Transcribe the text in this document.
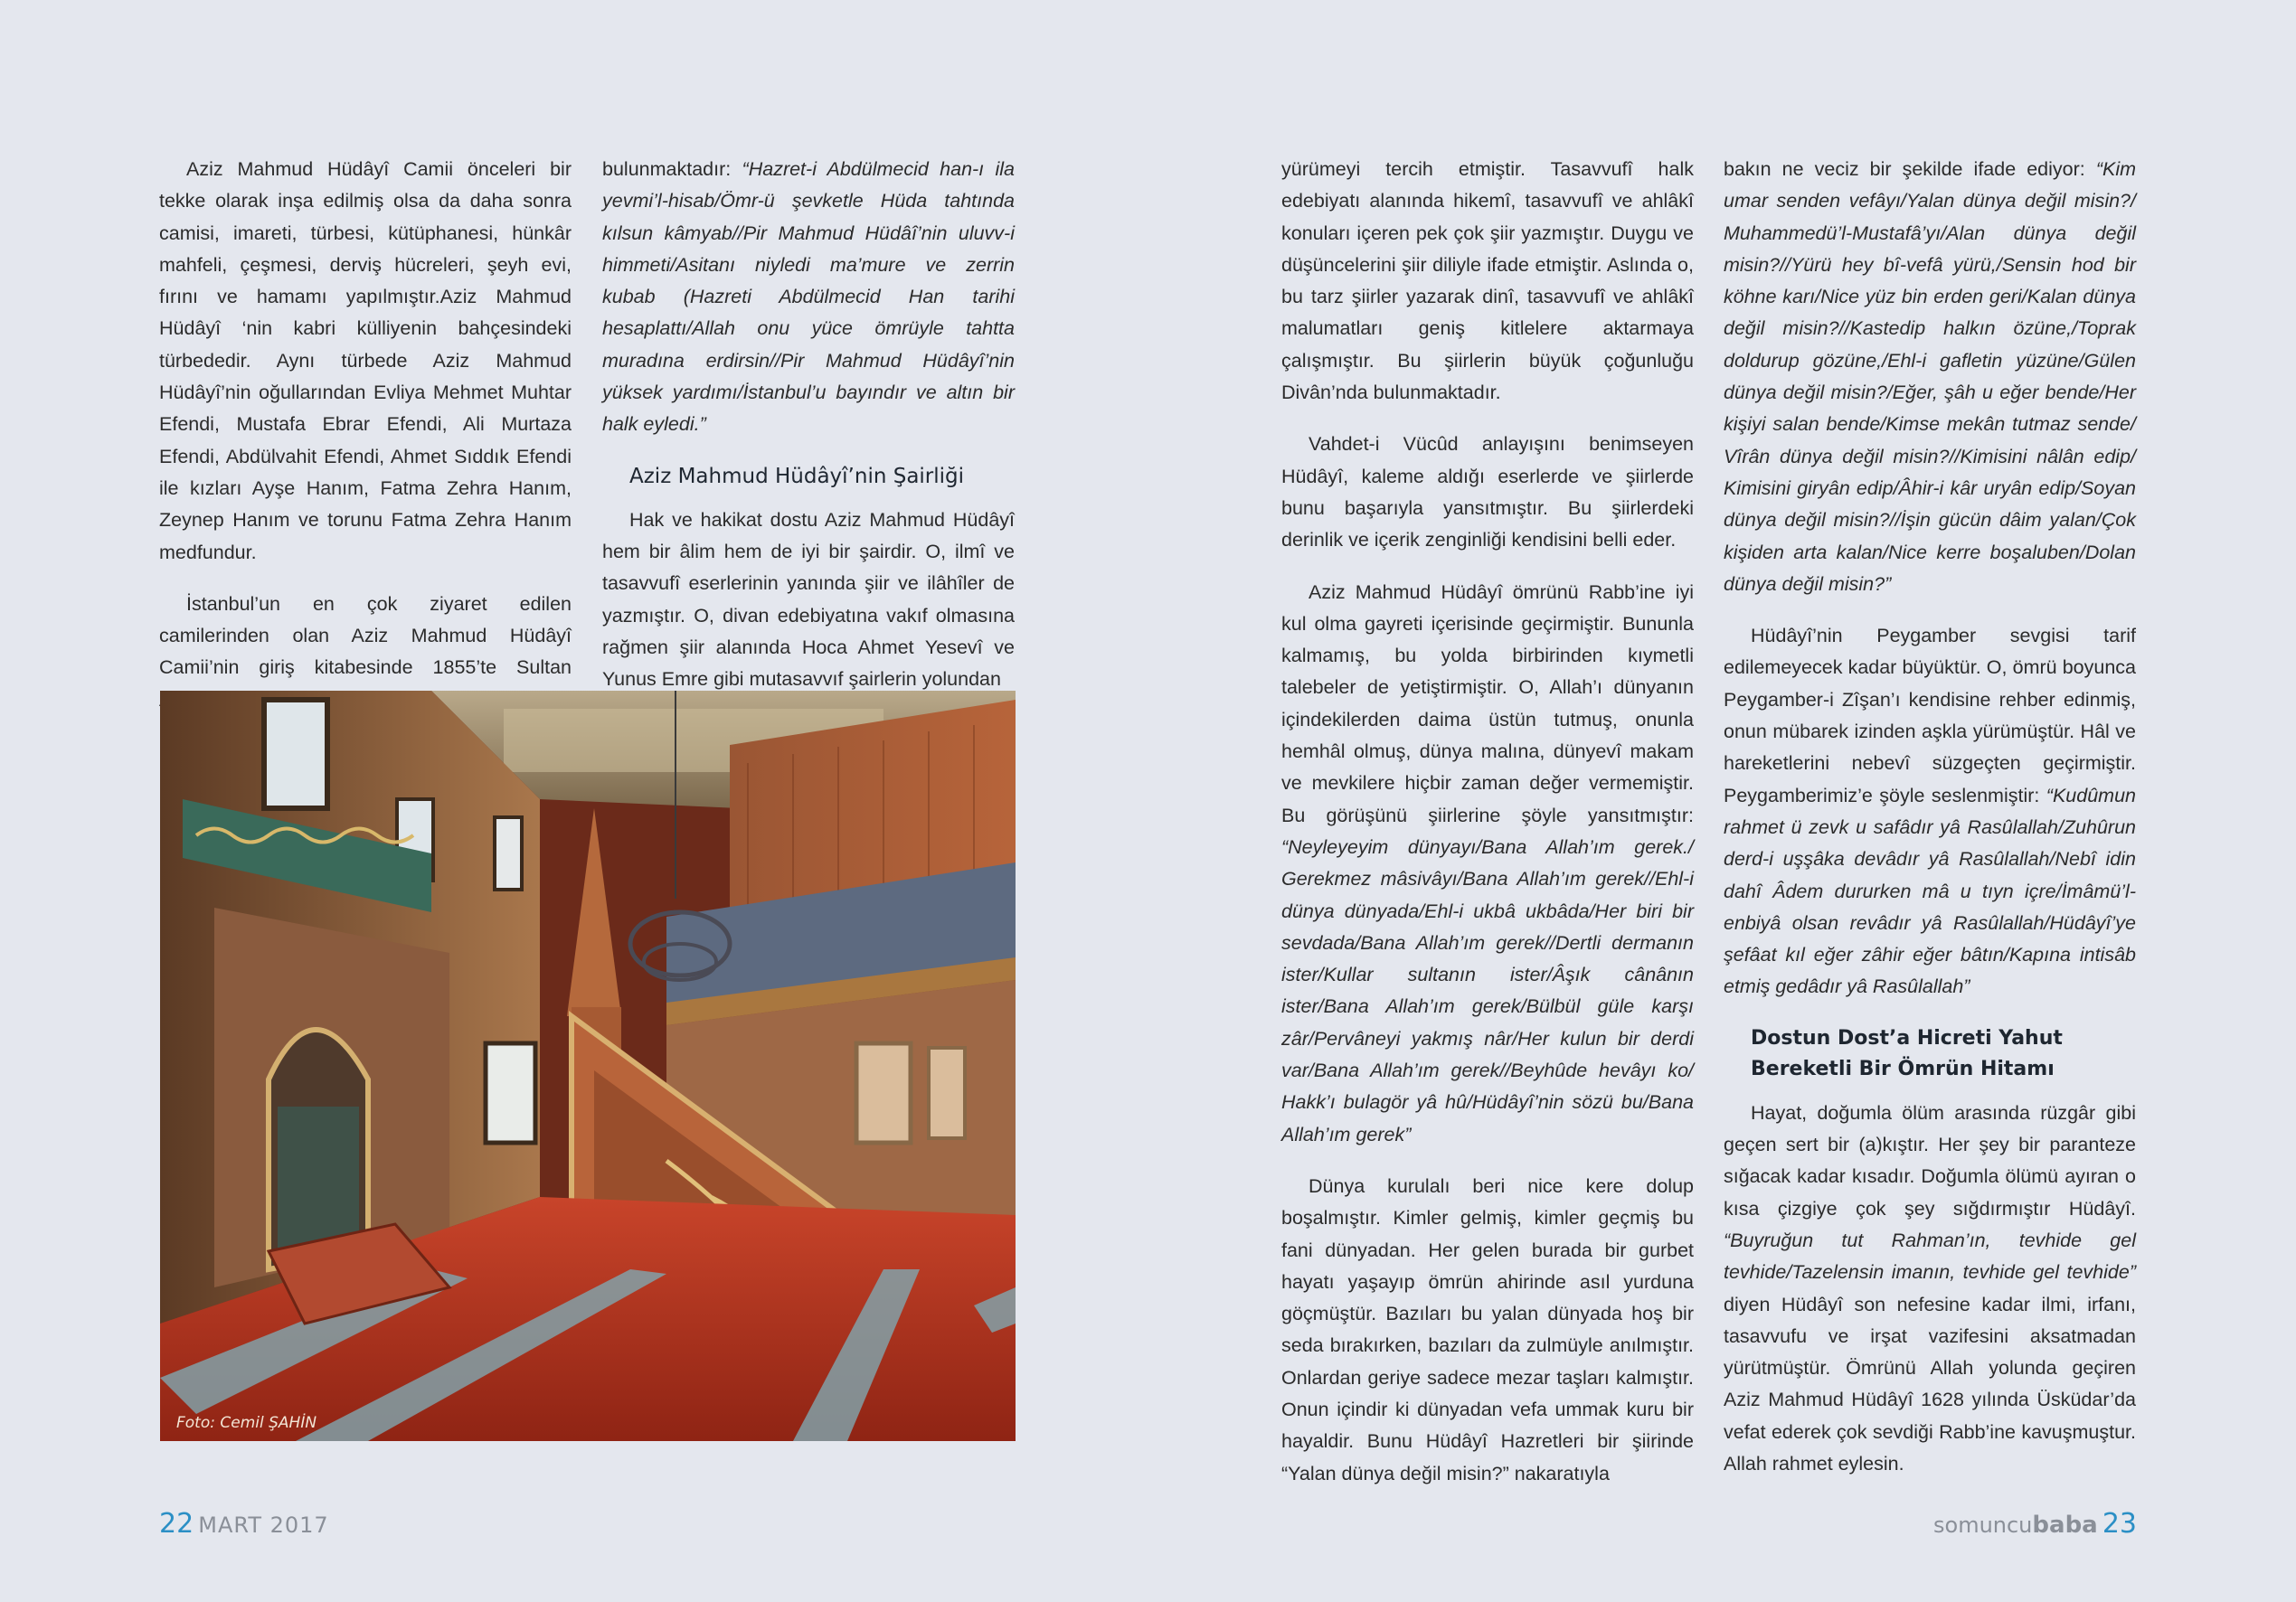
Aziz Mahmud Hüdâyî Camii önceleri bir tekke olarak inşa edilmiş olsa da daha sonra camisi, imareti, türbesi, kütüphanesi, hünkâr mahfeli, çeşmesi, derviş hücreleri, şeyh evi, fırını ve hamamı yapılmıştır.Aziz Mahmud Hüdâyî ‘nin kabri külliyenin bahçesindeki türbededir. Aynı türbede Aziz Mahmud Hüdâyî’nin oğullarından Evliya Mehmet Muhtar Efendi, Mustafa Ebrar Efendi, Ali Murtaza Efendi, Abdülvahit Efendi, Ahmet Sıddık Efendi ile kızları Ayşe Hanım, Fatma Zehra Hanım, Zeynep Hanım ve torunu Fatma Zehra Hanım medfundur.

İstanbul’un en çok ziyaret edilen camilerinden olan Aziz Mahmud Hüdâyî Camii’nin giriş kitabesinde 1855’te Sultan

bulunmaktadır: “Hazret-i Abdülmecid han-ı ila yevmi’l-hisab/Ömr-ü şevketle Hüda tahtında kılsun kâmyab//Pir Mahmud Hüdâî’nin uluvv-i himmeti/Asitanı niyledi ma’mure ve zerrin kubab (Hazreti Abdülmecid Han tarihi hesaplattı/Allah onu yüce ömrüyle tahtta muradına erdirsin//Pir Mahmud Hüdâyî’nin yüksek yardımı/İstanbul’u bayındır ve altın bir halk eyledi.”

Aziz Mahmud Hüdâyî’nin Şairliği

Hak ve hakikat dostu Aziz Mahmud Hüdâyî hem bir âlim hem de iyi bir şairdir. O, ilmî ve tasavvufî eserlerinin yanında şiir ve ilâhîler de yazmıştır. O, divan edebiyatına vakıf olmasına rağmen şiir alanında Hoca Ahmet Yesevî ve Yunus Emre gibi mutasavvıf şairlerin yolundan

Foto: Cemil ŞAHİN

yürümeyi tercih etmiştir. Tasavvufî halk edebiyatı alanında hikemî, tasavvufî ve ahlâkî konuları içeren pek çok şiir yazmıştır. Duygu ve düşüncelerini şiir diliyle ifade etmiştir. Aslında o, bu tarz şiirler yazarak dinî, tasavvufî ve ahlâkî malumatları geniş kitlelere aktarmaya çalışmıştır. Bu şiirlerin büyük çoğunluğu Divân’nda bulunmaktadır.

Vahdet-i Vücûd anlayışını benimseyen Hüdâyî, kaleme aldığı eserlerde ve şiirlerde bunu başarıyla yansıtmıştır. Bu şiirlerdeki derinlik ve içerik zenginliği kendisini belli eder.

Aziz Mahmud Hüdâyî ömrünü Rabb’ine iyi kul olma gayreti içerisinde geçirmiştir. Bununla kalmamış, bu yolda birbirinden kıymetli talebeler de yetiştirmiştir. O, Allah’ı dünyanın içindekilerden daima üstün tutmuş, onunla hemhâl olmuş, dünya malına, dünyevî makam ve mevkilere hiçbir zaman değer vermemiştir. Bu görüşünü şiirlerine şöyle yansıtmıştır: “Neyleyeyim dünyayı/Bana Allah’ım gerek./ Gerekmez mâsivâyı/Bana Allah’ım gerek//Ehl-i dünya dünyada/Ehl-i ukbâ ukbâda/Her biri bir sevdada/Bana Allah’ım gerek//Dertli dermanın ister/Kullar sultanın ister/Âşık cânânın ister/Bana Allah’ım gerek/Bülbül güle karşı zâr/Pervâneyi yakmış nâr/Her kulun bir derdi var/Bana Allah’ım gerek//Beyhûde hevâyı ko/ Hakk’ı bulagör yâ hû/Hüdâyî’nin sözü bu/Bana Allah’ım gerek”

Dünya kurulalı beri nice kere dolup boşalmıştır. Kimler gelmiş, kimler geçmiş bu fani dünyadan. Her gelen burada bir gurbet hayatı yaşayıp ömrün ahirinde asıl yurduna göçmüştür. Bazıları bu yalan dünyada hoş bir seda bırakırken, bazıları da zulmüyle anılmıştır. Onlardan geriye sadece mezar taşları kalmıştır. Onun içindir ki dünyadan vefa ummak kuru bir hayaldir. Bunu Hüdâyî Hazretleri bir şiirinde “Yalan dünya değil misin?” nakaratıyla

bakın ne veciz bir şekilde ifade ediyor: “Kim umar senden vefâyı/Yalan dünya değil misin?/ Muhammedü’l-Mustafâ’yı/Alan dünya değil misin?//Yürü hey bî-vefâ yürü,/Sensin hod bir köhne karı/Nice yüz bin erden geri/Kalan dünya değil misin?//Kastedip halkın özüne,/Toprak doldurup gözüne,/Ehl-i gafletin yüzüne/Gülen dünya değil misin?/Eğer, şâh u eğer bende/Her kişiyi salan bende/Kimse mekân tutmaz sende/ Vîrân dünya değil misin?//Kimisini nâlân edip/ Kimisini giryân edip/Âhir-i kâr uryân edip/Soyan dünya değil misin?//İşin gücün dâim yalan/Çok kişiden arta kalan/Nice kerre boşaluben/Dolan dünya değil misin?”

Hüdâyî’nin Peygamber sevgisi tarif edilemeyecek kadar büyüktür. O, ömrü boyunca Peygamber-i Zîşan’ı kendisine rehber edinmiş, onun mübarek izinden aşkla yürümüştür. Hâl ve hareketlerini nebevî süzgeçten geçirmiştir. Peygamberimiz’e şöyle seslenmiştir: “Kudûmun rahmet ü zevk u safâdır yâ Rasûlallah/Zuhûrun derd-i uşşâka devâdır yâ Rasûlallah/Nebî idin dahî Âdem dururken mâ u tıyn içre/İmâmü’l-enbiyâ olsan revâdır yâ Rasûlallah/Hüdâyî’ye şefâat kıl eğer zâhir eğer bâtın/Kapına intisâb etmiş gedâdır yâ Rasûlallah”

Dostun Dost’a Hicreti Yahut Bereketli Bir Ömrün Hitamı

Hayat, doğumla ölüm arasında rüzgâr gibi geçen sert bir (a)kıştır. Her şey bir paranteze sığacak kadar kısadır. Doğumla ölümü ayıran o kısa çizgiye çok şey sığdırmıştır Hüdâyî. “Buyruğun tut Rahman’ın, tevhide gel tevhide/Tazelensin imanın, tevhide gel tevhide” diyen Hüdâyî son nefesine kadar ilmi, irfanı, tasavvufu ve irşat vazifesini aksatmadan yürütmüştür. Ömrünü Allah yolunda geçiren Aziz Mahmud Hüdâyî 1628 yılında Üsküdar’da vefat ederek çok sevdiği Rabb’ine kavuşmuştur. Allah rahmet eylesin.

22 MART 2017	somuncubaba 23
